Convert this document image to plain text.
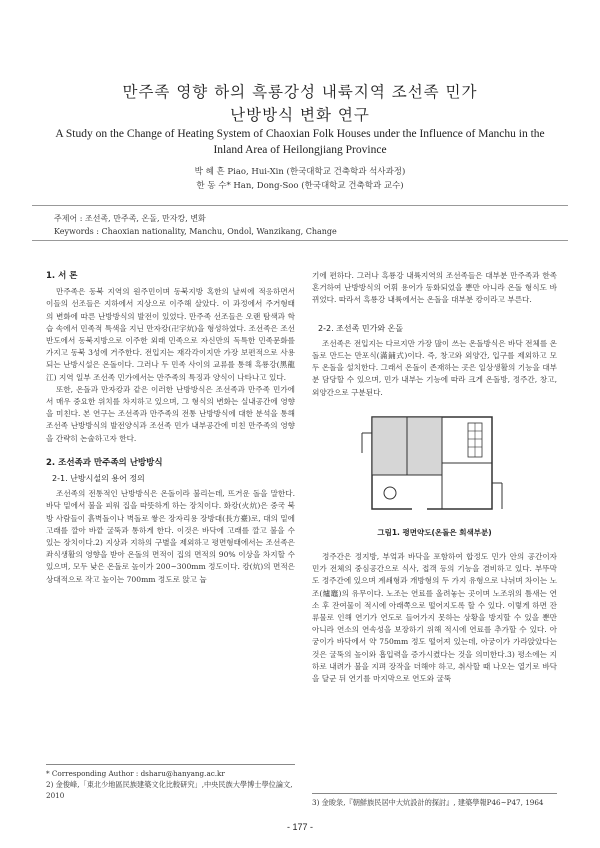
만주족 영향 하의 흑룡강성 내륙지역 조선족 민가
난방방식 변화 연구
A Study on the Change of Heating System of Chaoxian Folk Houses under the Influence of Manchu in the Inland Area of Heilongjiang Province
박 혜 흔 Piao, Hui-Xin (한국대학교 건축학과 석사과정)
한 동 수* Han, Dong-Soo (한국대학교 건축학과 교수)
주제어 : 조선족, 만주족, 온돌, 만자캉, 변화
Keywords : Chaoxian nationality, Manchu, Ondol, Wanzikang, Change
1. 서 론

만주족은 동북 지역의 원주민이며 동북지방 혹한의 날씨에 적응하면서 이들의 선조들은 지하에서 지상으로 이주해 살았다. 이 과정에서 주거형태의 변화에 따른 난방방식의 발전이 있었다. 만주족 선조들은 오랜 탐색과 학습 속에서 민족적 특색을 지닌 만자캉(卍字炕)을 형성하였다. 조선족은 조선반도에서 동북지방으로 이주한 외래 민족으로 자신만의 독특한 민족문화를 가지고 동북 3성에 거주한다. 전입지는 재각각이지만 가장 보편적으로 사용되는 난방시설은 온돌이다. 그러나 두 민족 사이의 교류를 통해 흑룡강(黑龍江) 지역 일부 조선족 민가에서는 만주족의 특징과 양식이 나타나고 있다.

또한, 온돌과 만자캉과 같은 이러한 난방방식은 조선족과 만주족 민가에서 매우 중요한 위치를 차지하고 있으며, 그 형식의 변화는 실내공간에 영향을 미친다. 본 연구는 조선족과 만주족의 전통 난방방식에 대한 분석을 통해 조선족 난방방식의 발전양식과 조선족 민가 내부공간에 미친 만주족의 영향을 간략히 논술하고자 한다.

2. 조선족과 만주족의 난방방식
2-1. 난방시설의 용어 정의

조선족의 전통적인 난방방식은 온돌이라 불리는데, 뜨거운 돌을 말한다. 바닥 밑에서 불을 피워 집을 따뜻하게 하는 장치이다. 화캉(火炕)은 중국 북방 사람들이 흙벽돌이나 벽돌로 쌓은 장자리용 장방대(長方臺)로, 대의 밑에 고래를 깔아 바깥 굴뚝과 통하게 한다. 이것은 바닥에 고래를 깔고 불을 수 있는 장치이다.2) 지상과 지하의 구별을 제외하고 평면형태에서는 조선족은 좌식생활의 영향을 받아 온돌의 면적이 집의 면적의 90% 이상을 차지할 수 있으며, 모두 낮은 온돌로 높이가 200~300mm 정도이다. 캉(炕)의 면적은 상대적으로 작고 높이는 700mm 정도로 앉고 눕

기에 편하다. 그러나 흑룡강 내륙지역의 조선족들은 대부분 만주족과 한족 혼거하여 난방방식의 어휘 용어가 동화되었을 뿐만 아니라 온돌 형식도 바뀌었다. 따라서 흑룡강 내륙에서는 온돌을 대부분 캉이라고 부른다.

2-2. 조선족 민가와 온돌

조선족은 전입지는 다르지만 가장 많이 쓰는 온돌방식은 바닥 전체를 온돌로 만드는 만포식(滿鋪式)이다. 즉, 창고와 외양간, 입구를 제외하고 모두 온돌을 설치한다. 그래서 온돌이 존재하는 곳은 일상생활의 기능을 대부분 담당할 수 있으며, 민가 내부는 기능에 따라 크게 온돌방, 정주간, 창고, 외양간으로 구분된다.

그림1. 평면약도(온돌은 회색부분)

정주간은 정지방, 부엌과 바닥을 포함하여 합정도 민가 안의 공간이자 민가 전체의 중심공간으로 식사, 접객 등의 기능을 겸비하고 있다. 부뚜막도 정주간에 있으며 계쇄형과 개방형의 두 가지 유형으로 나뉘며 차이는 노조(爐竈)의 유무이다. 노조는 연료를 올려놓는 곳이며 노조위의 틈새는 연소 후 잔여물이 적시에 아래쪽으로 떨어지도록 할 수 있다. 이렇게 하면 잔류물로 인해 연기가 연도로 들어가지 못하는 상황을 방지할 수 있을 뿐만 아니라 연소의 연속성을 보장하기 위해 적시에 연료를 추가할 수 있다. 아궁이가 바닥에서 약 750mm 정도 떨어져 있는데, 아궁이가 가라앉았다는 것은 굴뚝의 높이와 흡입력을 증가시켰다는 것을 의미한다.3) 평소에는 지하로 내려가 불을 지펴 장작을 더해야 하고, 취사할 때 나오는 열기로 바닥을 달군 뒤 연기를 마지막으로 연도와 굴뚝

* Corresponding Author : dsharu@hanyang.ac.kr
2) 金俊峰,「東北少地區民族建築文化比較研究」,中央民族大學博士學位論文, 2010
3) 金晙彔,『朝鮮族民居中大炕設計的探討』, 建築學報P46~P47, 1964
- 177 -
